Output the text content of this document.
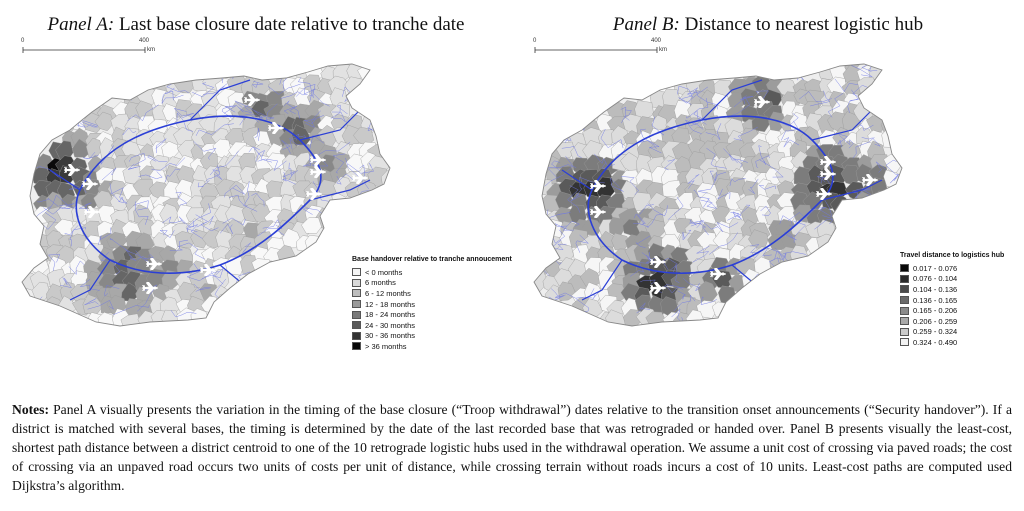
Panel A: Last base closure date relative to tranche date
0	400
km
Base handover relative to tranche annoucement
< 0 months
6 months
6 - 12 months
12 - 18 months
18 - 24 months
24 - 30 months
30 - 36 months
> 36 months
Panel B: Distance to nearest logistic hub
0	400
km
Travel distance to logistics hub
0.017 - 0.076
0.076 - 0.104
0.104 - 0.136
0.136 - 0.165
0.165 - 0.206
0.206 - 0.259
0.259 - 0.324
0.324 - 0.490
Notes: Panel A visually presents the variation in the timing of the base closure (“Troop withdrawal”) dates relative to the transition onset announcements (“Security handover”). If a district is matched with several bases, the timing is determined by the date of the last recorded base that was retrograded or handed over. Panel B presents visually the least-cost, shortest path distance between a district centroid to one of the 10 retrograde logistic hubs used in the withdrawal operation. We assume a unit cost of crossing via paved roads; the cost of crossing via an unpaved road occurs two units of costs per unit of distance, while crossing terrain without roads incurs a cost of 10 units. Least-cost paths are computed used Dijkstra’s algorithm.
